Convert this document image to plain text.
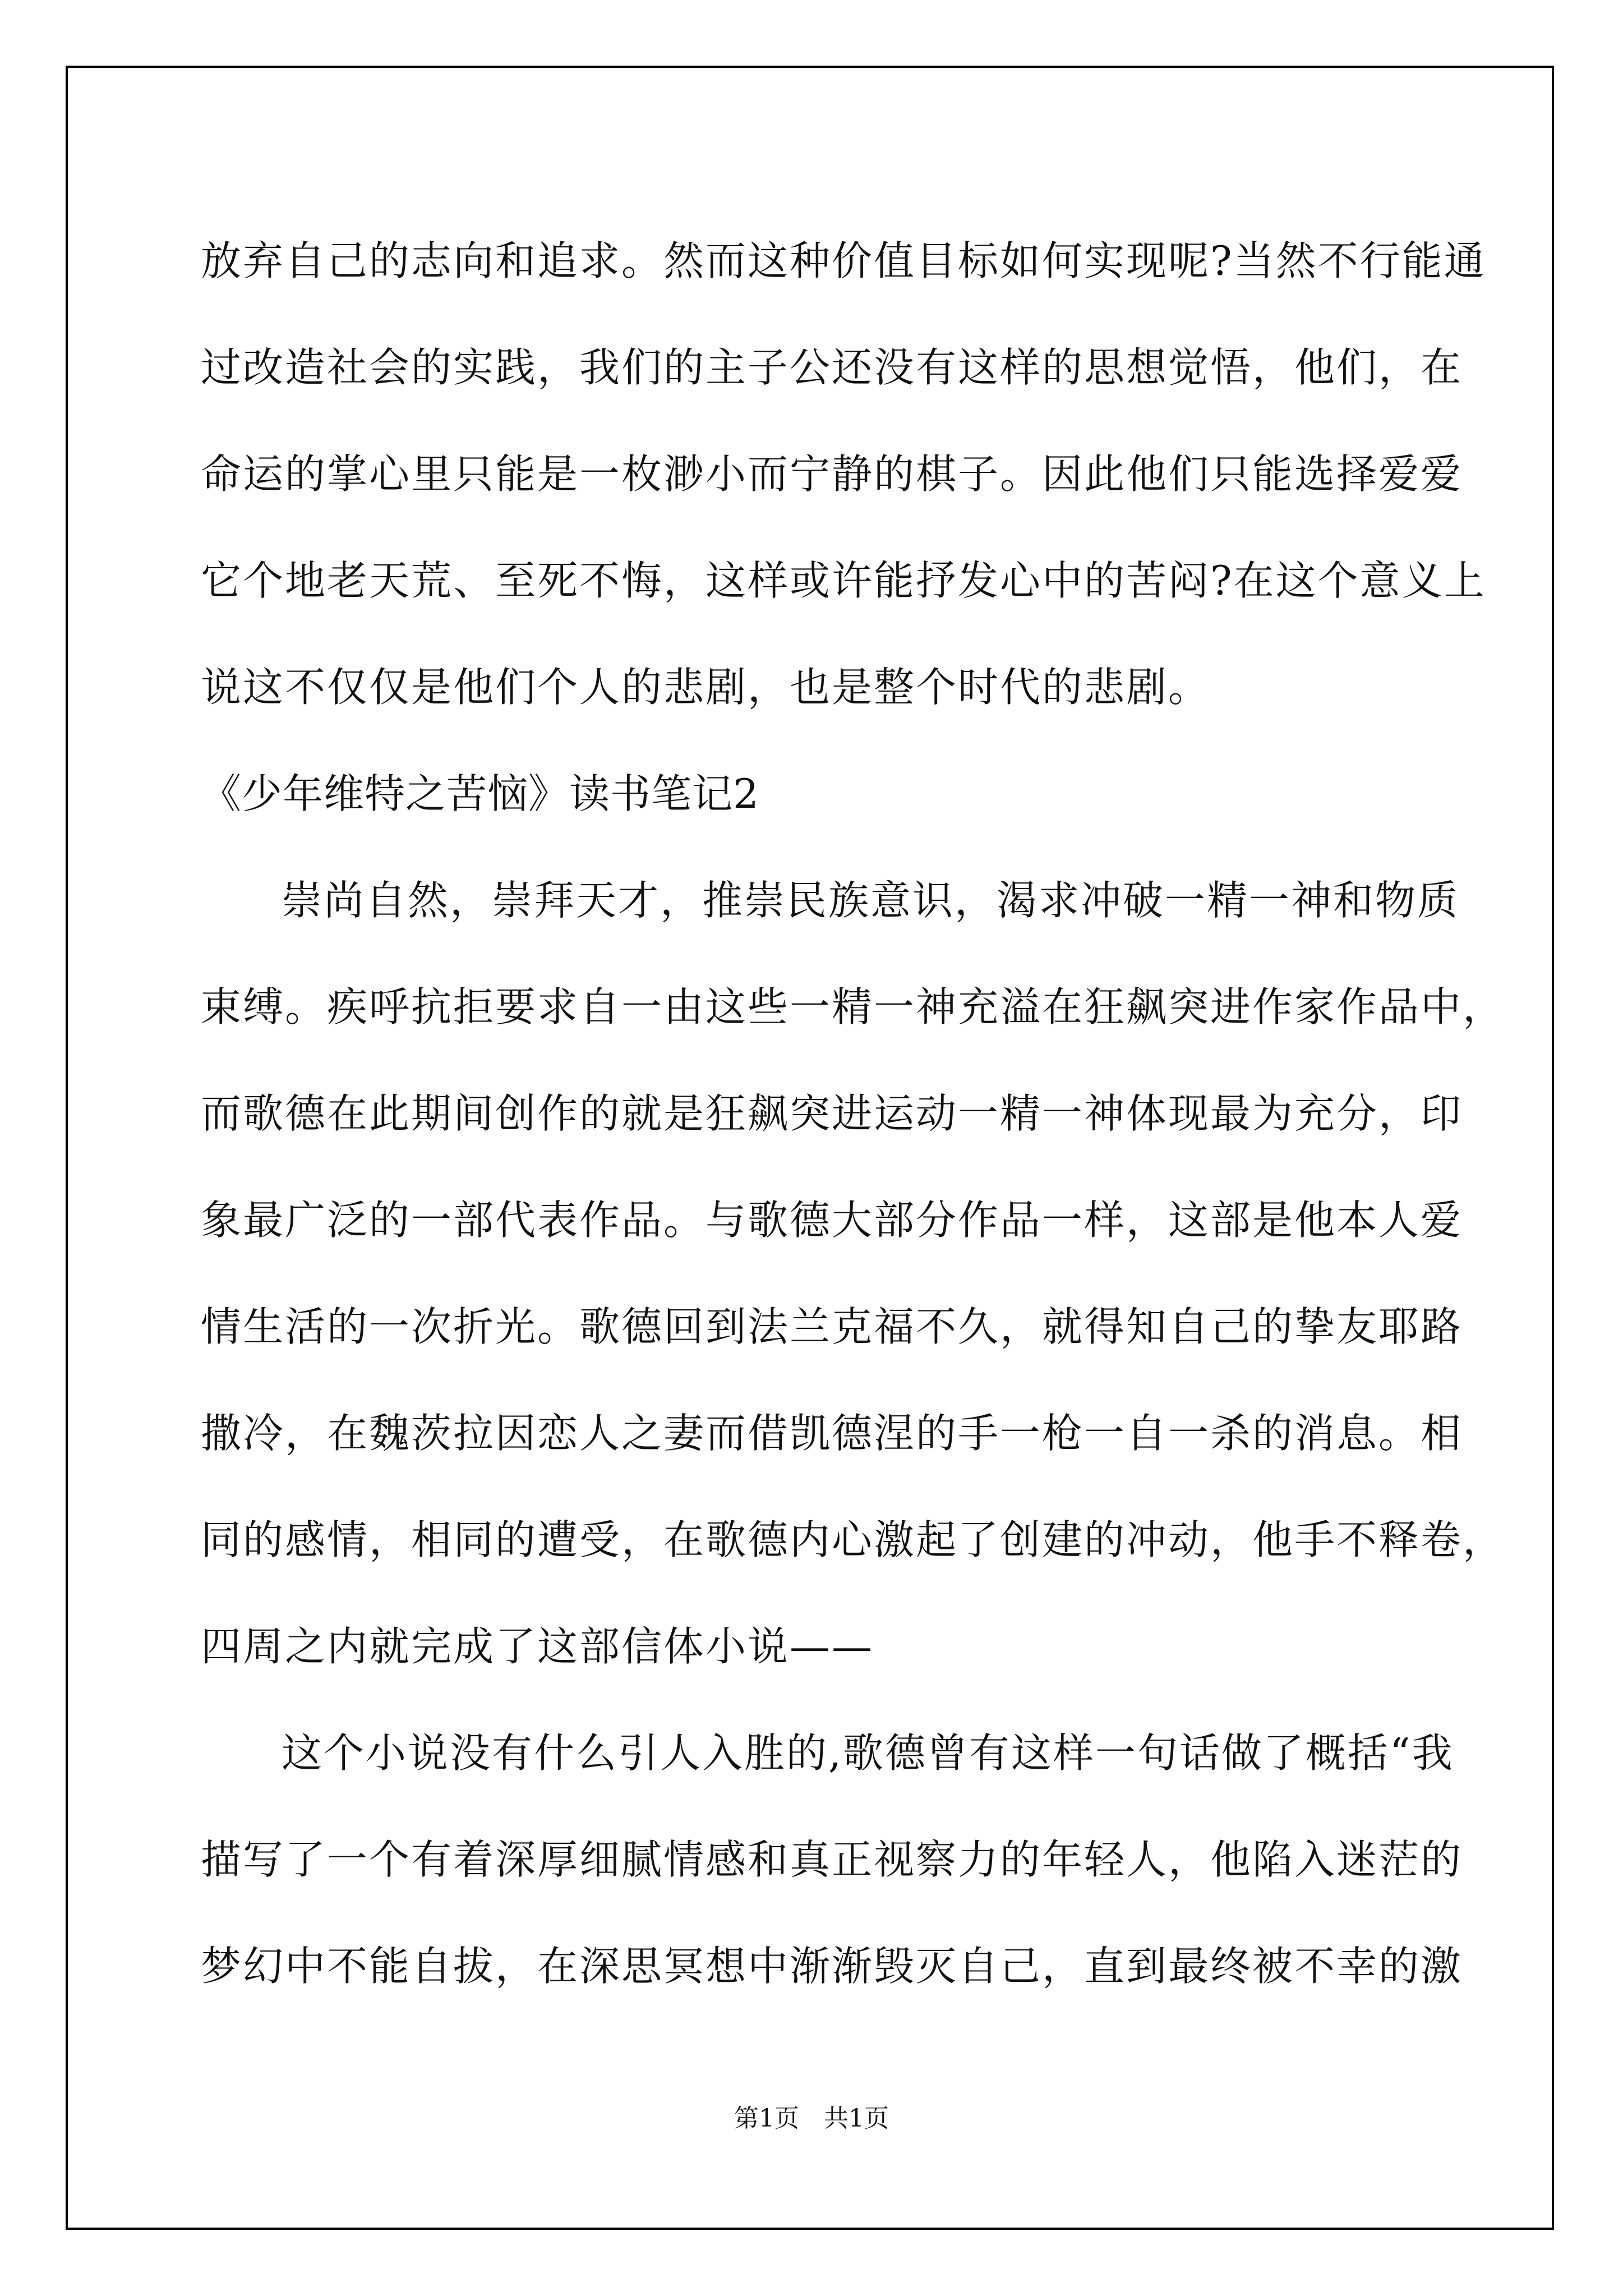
放弃自己的志向和追求。然而这种价值目标如何实现呢?当然不行能通
过改造社会的实践，我们的主子公还没有这样的思想觉悟，他们，在
命运的掌心里只能是一枚渺小而宁静的棋子。因此他们只能选择爱爱
它个地老天荒、至死不悔，这样或许能抒发心中的苦闷?在这个意义上
说这不仅仅是他们个人的悲剧，也是整个时代的悲剧。
《少年维特之苦恼》读书笔记2
崇尚自然，崇拜天才，推崇民族意识，渴求冲破一精一神和物质
束缚。疾呼抗拒要求自一由这些一精一神充溢在狂飙突进作家作品中，
而歌德在此期间创作的就是狂飙突进运动一精一神体现最为充分，印
象最广泛的一部代表作品。与歌德大部分作品一样，这部是他本人爱
情生活的一次折光。歌德回到法兰克福不久，就得知自己的挚友耶路
撒冷，在魏茨拉因恋人之妻而借凯德涅的手一枪一自一杀的消息。相
同的感情，相同的遭受，在歌德内心激起了创建的冲动，他手不释卷，
四周之内就完成了这部信体小说——
这个小说没有什么引人入胜的,歌德曾有这样一句话做了概括“我
描写了一个有着深厚细腻情感和真正视察力的年轻人，他陷入迷茫的
梦幻中不能自拔，在深思冥想中渐渐毁灭自己，直到最终被不幸的激
第1页 共1页
